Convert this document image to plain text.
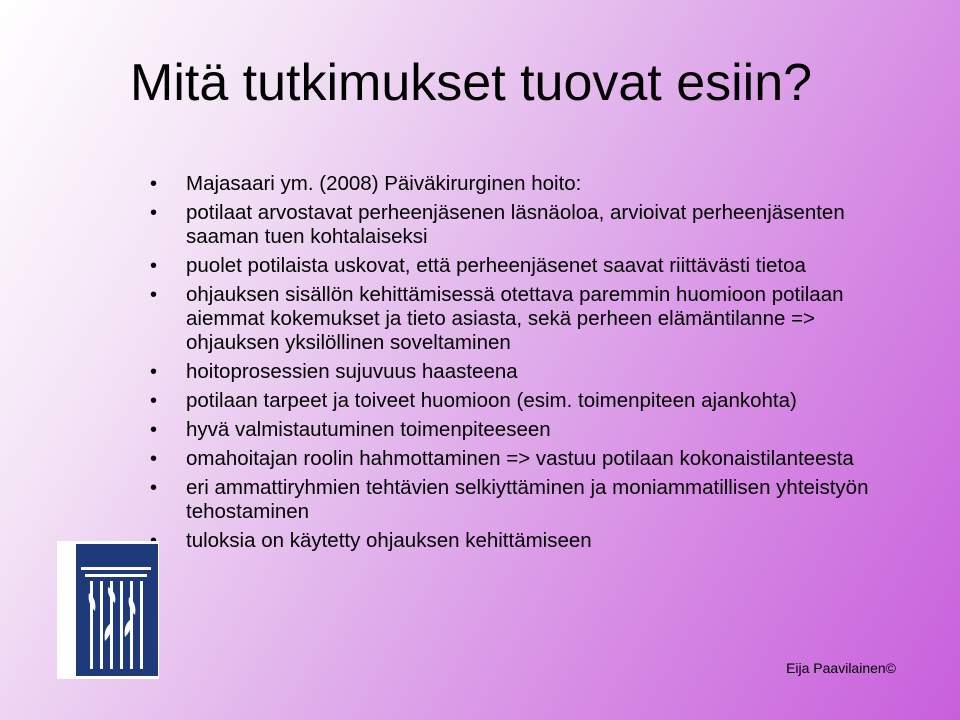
Mitä tutkimukset tuovat esiin?
• Majasaari ym. (2008) Päiväkirurginen hoito:
• potilaat arvostavat perheenjäsenen läsnäoloa, arvioivat perheenjäsenten saaman tuen kohtalaiseksi
• puolet potilaista uskovat, että perheenjäsenet saavat riittävästi tietoa
• ohjauksen sisällön kehittämisessä otettava paremmin huomioon potilaan aiemmat kokemukset ja tieto asiasta, sekä perheen elämäntilanne => ohjauksen yksilöllinen soveltaminen
• hoitoprosessien sujuvuus haasteena
• potilaan tarpeet ja toiveet huomioon (esim. toimenpiteen ajankohta)
• hyvä valmistautuminen toimenpiteeseen
• omahoitajan roolin hahmottaminen => vastuu potilaan kokonaistilanteesta
• eri ammattiryhmien tehtävien selkiyttäminen ja moniammatillisen yhteistyön tehostaminen
tuloksia on käytetty ohjauksen kehittämiseen
Eija Paavilainen©
